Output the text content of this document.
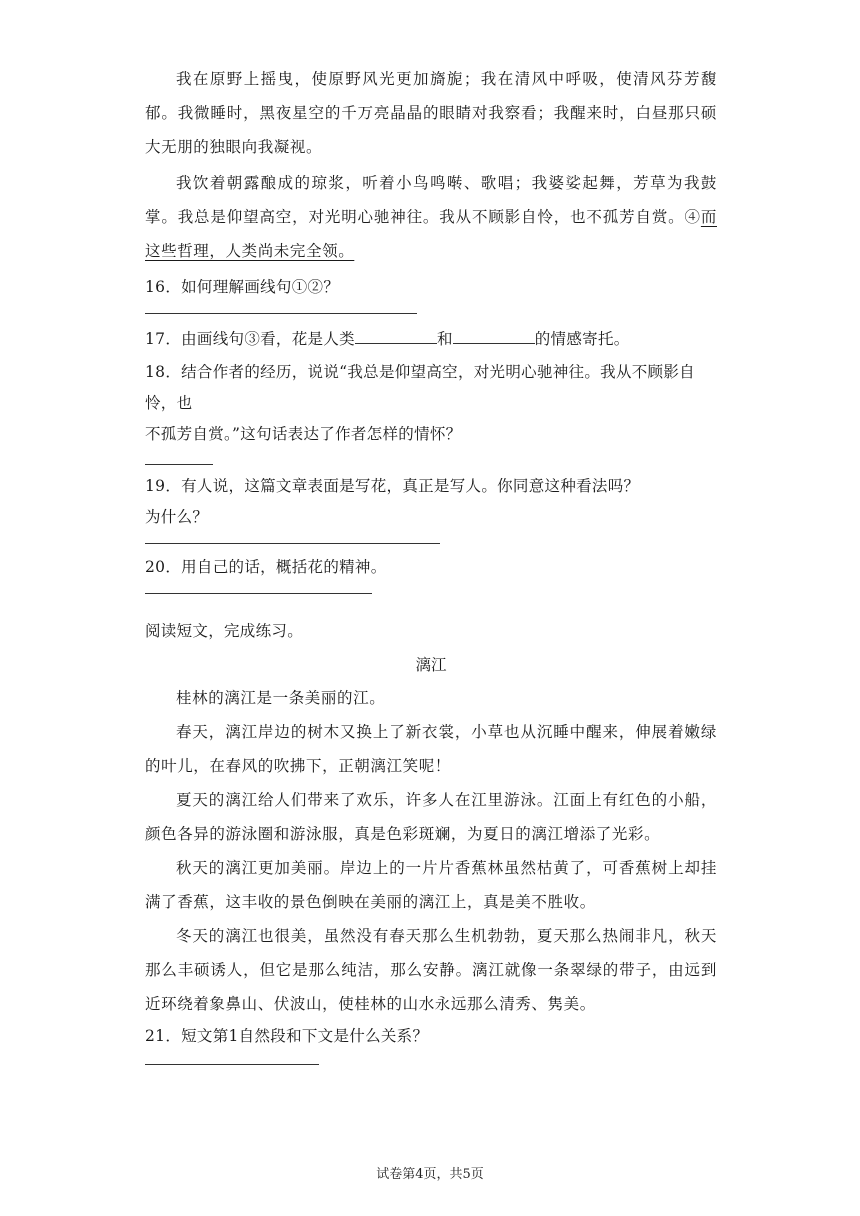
我在原野上摇曳，使原野风光更加旖旎；我在清风中呼吸，使清风芬芳馥郁。我微睡时，黑夜星空的千万亮晶晶的眼睛对我察看；我醒来时，白昼那只硕大无朋的独眼向我凝视。

我饮着朝露酿成的琼浆，听着小鸟鸣啭、歌唱；我婆娑起舞，芳草为我鼓掌。我总是仰望高空，对光明心驰神往。我从不顾影自怜，也不孤芳自赏。④而这些哲理，人类尚未完全领。

16．如何理解画线句①②？

17．由画线句③看，花是人类	和	的情感寄托。

18．结合作者的经历，说说“我总是仰望高空，对光明心驰神往。我从不顾影自怜，也

不孤芳自赏。”这句话表达了作者怎样的情怀？

19．有人说，这篇文章表面是写花，真正是写人。你同意这种看法吗？

为什么？

20．用自己的话，概括花的精神。

阅读短文，完成练习。

漓江

桂林的漓江是一条美丽的江。

春天，漓江岸边的树木又换上了新衣裳，小草也从沉睡中醒来，伸展着嫩绿的叶儿，在春风的吹拂下，正朝漓江笑呢！

夏天的漓江给人们带来了欢乐，许多人在江里游泳。江面上有红色的小船，颜色各异的游泳圈和游泳服，真是色彩斑斓，为夏日的漓江增添了光彩。

秋天的漓江更加美丽。岸边上的一片片香蕉林虽然枯黄了，可香蕉树上却挂满了香蕉，这丰收的景色倒映在美丽的漓江上，真是美不胜收。

冬天的漓江也很美，虽然没有春天那么生机勃勃，夏天那么热闹非凡，秋天那么丰硕诱人，但它是那么纯洁，那么安静。漓江就像一条翠绿的带子，由远到近环绕着象鼻山、伏波山，使桂林的山水永远那么清秀、隽美。

21．短文第1自然段和下文是什么关系？

试卷第4页，共5页
